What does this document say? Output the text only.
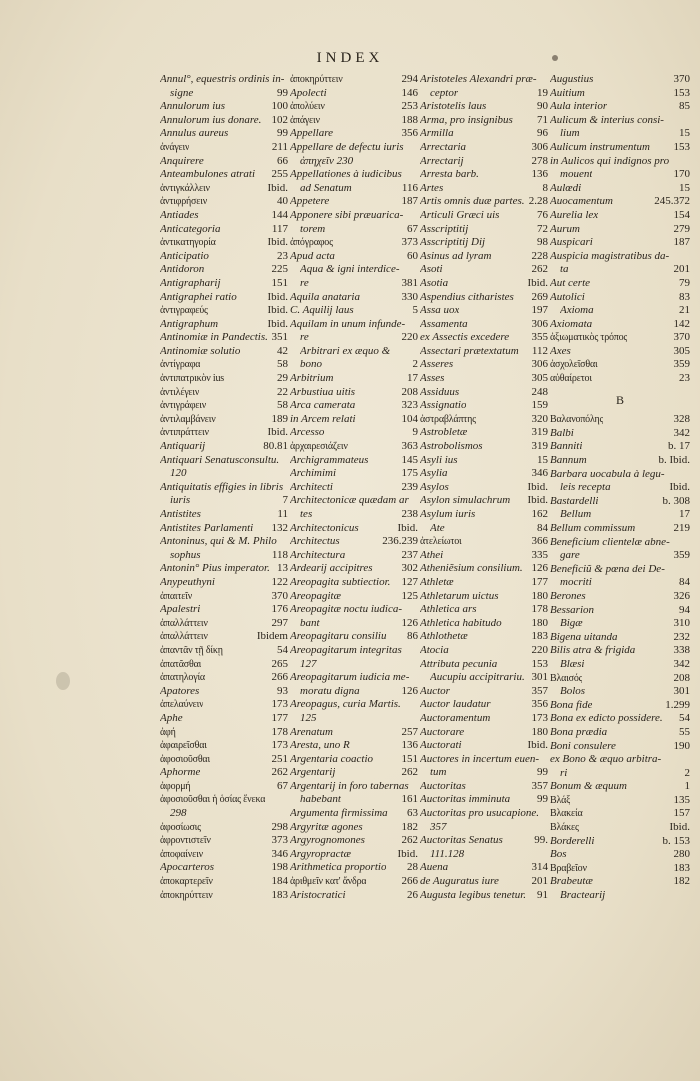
INDEX
Annul°, equestris ordinis in-
signe	99
Annulorum ius	100
Annulorum ius donare. 102
Annulus aureus	99
ἀνάγειν	211
Anquirere	66
Anteambulones atrati 255
ἀντιγκάλλειν	Ibid.
ἀντιφρήσειν	40
Antiades	144
Anticategoria	117
ἀντικατηγορία	Ibid.
Anticipatio	23
Antidoron	225
Antigrapharij	151
Antigraphei ratio	Ibid.
ἀντιγραφεύς	Ibid.
Antigraphum	Ibid.
Antinomiæ in Pandectis. 351
Antinomiæ solutio	42
ἀντίγραφα	58
ἀντιπατρικὸν ius	29
ἀντιλέγειν	22
ἀντιγράφειν	58
ἀντιλαμβάνειν	189
ἀντιπράττειν	Ibid.
Antiquarij	80.81
Antiquari Senatusconsultu.
120
Antiquitatis effigies in libris
iuris	7
Antistites	11
Antistites Parlamenti 132
Antoninus, qui & M. Philo
sophus	118
Antonin° Pius imperator. 13
Anypeuthyni	122
ἀπαιτεῖν	370
Apalestri	176
ἀπαλλάττειν	297
ἀπαλλάττειν	Ibidem
ἀπαντᾶν τῇ δίκῃ	54
ἀπατᾶσθαι	265
ἀπατηλογία	266
Apatores	93
ἀπελαύνειν	173
Aphe	177
ἀφή	178
ἀφαιρεῖσθαι	173
ἀφοσιοῦσθαι	251
Aphorme	262
ἀφορμή	67
ἀφοσιοῦσθαι ἡ ὁσίας ἕνεκα
298
ἀφοσίωσις	298
ἀφροντιστεῖν	373
ἀποφαίνειν	346
Apocarteros	198
ἀποκαρτερεῖν	184
ἀποκηρύττειν	183
ἀποκηρύττειν	294
Apolecti	146
ἀπολύειν	253
ἀπάγειν	188
Appellare	356
Appellare de defectu iuris
ἀπηχεῖν 230
Appellationes à iudicibus
ad Senatum	116
Appetere	187
Apponere sibi præuarica-
torem	67
ἀπόγραφος	373
Apud acta	60
Aqua & igni interdice-
re	381
Aquila anataria	330
C. Aquilij laus	5
Aquilam in unum infunde-
re	220
Arbitrari ex æquo &
bono	2
Arbitrium	17
Arbustiua uitis	208
Arca camerata	323
in Arcem relati	104
Arcesso	9
ἀρχαιρεσιάζειν	363
Archigrammateus	145
Archimimi	175
Architecti	239
Architectonicæ quædam ar
tes	238
Architectonicus	Ibid.
Architectus	236.239
Architectura	237
Ardearij accipitres	302
Areopagita subtiectior. 127
Areopagitæ	125
Areopagitæ noctu iudica-
bant	126
Areopagitaru consiliu 86
Areopagitarum integritas
127
Areopagitarum iudicia me-
moratu digna	126
Areopagus, curia Martis.
125
Arenatum	257
Aresta, uno R	136
Argentaria coactio	151
Argentarij	262
Argentarij in foro tabernas
habebant	161
Argumenta firmissima 63
Argyritæ agones	182
Argyrognomones	262
Argyropractæ	Ibid.
Arithmetica proportio 28
ἀριθμεῖν κατ' ἄνδρα	266
Aristocratici	26
Aristoteles Alexandri præ-
ceptor	19
Aristotelis laus	90
Arma, pro insignibus 71
Armilla	96
Arrectaria	306
Arrectarij	278
Arresta barb.	136
Artes	8
Artis omnis duæ partes. 2.28
Articuli Græci uis	76
Asscriptitij	72
Asscriptitij Dij	98
Asinus ad lyram	228
Asoti	262
Asotia	Ibid.
Aspendius citharistes 269
Assa uox	197
Assamenta	306
ex Assectis excedere 355
Assectari prætextatum 112
Asseres	306
Asses	305
Assiduus	248
Assignatio	159
ἀστραβλάπτης	320
Astrobletæ	319
Astrobolismos	319
Asyli ius	15
Asylia	346
Asylos	Ibid.
Asylon simulachrum Ibid.
Asylum iuris	162
Ate	84
ἀτελείωτοι	366
Athei	335
Atheniẽsium consilium. 126
Athletæ	177
Athletarum uictus	180
Athletica ars	178
Athletica habitudo	180
Athlothetæ	183
Atocia	220
Attributa pecunia	153
Aucupiu accipitrariu. 301
Auctor	357
Auctor laudatur	356
Auctoramentum	173
Auctorare	180
Auctorati	Ibid.
Auctores in incertum euen-
tum	99
Auctoritas	357
Auctoritas imminuta 99
Auctoritas pro usucapione.
357
Auctoritas Senatus	99.
111.128
Auena	314
de Auguratus iure	201
Augusta legibus tenetur. 91
Augustius	370
Auitium	153
Aula interior	85
Aulicum & interius consi-
lium	15
Aulicum instrumentum 153
in Aulicos qui indignos pro
mouent	170
Aulœdi	15
Auocamentum	245.372
Aurelia lex	154
Aurum	279
Auspicari	187
Auspicia magistratibus da-
ta	201
Aut certe	79
Autolici	83
Axioma	21
Axiomata	142
ἀξιωματικὸς τρόπος	370
Axes	305
ἀσχολεῖσθαι	359
αὐθαίρετοι	23
B
Βαλανοπόλης	328
Balbi	342
Banniti	b. 17
Bannum	b. Ibid.
Barbara uocabula à legu-
leis recepta	Ibid.
Bastardelli	b. 308
Bellum	17
Bellum commissum	219
Beneficium clientelæ abne-
gare	359
Beneficiũ & pœna dei De-
mocriti	84
Berones	326
Bessarion	94
Bigæ	310
Bigena uitanda	232
Bilis atra & frigida	338
Blæsi	342
Βλαισός	208
Bolos	301
Bona fide	1.299
Bona ex edicto possidere. 54
Bona prædia	55
Boni consulere	190
ex Bono & æquo arbitra-
ri	2
Bonum & æquum	1
Βλάξ	135
Βλακεία	157
Βλάκες	Ibid.
Borderelli	b. 153
Bos	280
Βραβεῖον	183
Brabeutæ	182
Bractearij
